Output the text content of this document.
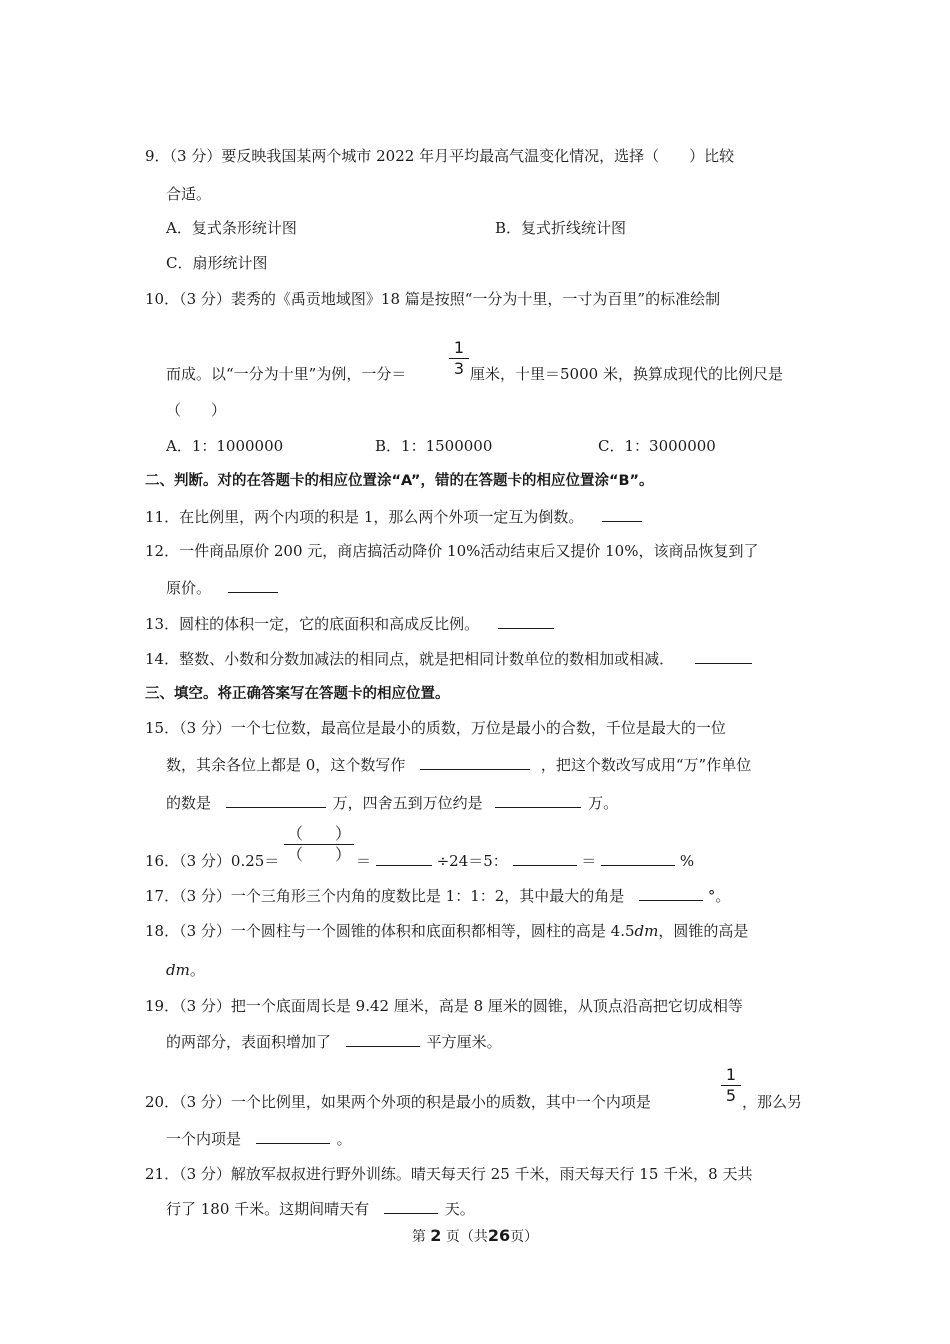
9．（3 分）要反映我国某两个城市 2022 年月平均最高气温变化情况，选择（　　）比较
合适。
A．复式条形统计图	B．复式折线统计图
C．扇形统计图
10．（3 分）裴秀的《禹贡地域图》18 篇是按照“一分为十里，一寸为百里”的标准绘制
而成。以“一分为十里”为例，一分＝
1
3 厘米，十里＝5000 米，换算成现代的比例尺是
（　　）
A．1：1000000	B．1：1500000	C．1：3000000
二、判断。对的在答题卡的相应位置涂“A”，错的在答题卡的相应位置涂“B”。
11．在比例里，两个内项的积是 1，那么两个外项一定互为倒数。
12．一件商品原价 200 元，商店搞活动降价 10%活动结束后又提价 10%，该商品恢复到了
原价。
13．圆柱的体积一定，它的底面积和高成反比例。
14．整数、小数和分数加减法的相同点，就是把相同计数单位的数相加或相减．
三、填空。将正确答案写在答题卡的相应位置。
15．（3 分）一个七位数，最高位是最小的质数，万位是最小的合数，千位是最大的一位
数，其余各位上都是 0，这个数写作	，把这个数改写成用“万”作单位
的数是	万，四舍五到万位约是	万。
16．（3 分）0.25＝
（　　）
（　　） ＝	÷24＝5：	＝	%
17．（3 分）一个三角形三个内角的度数比是 1：1：2，其中最大的角是	°。
18．（3 分）一个圆柱与一个圆锥的体积和底面积都相等，圆柱的高是 4.5dm，圆锥的高是
dm。
19．（3 分）把一个底面周长是 9.42 厘米，高是 8 厘米的圆锥，从顶点沿高把它切成相等
的两部分，表面积增加了	平方厘米。
20．（3 分）一个比例里，如果两个外项的积是最小的质数，其中一个内项是
1
5 ，那么另
一个内项是	。
21．（3 分）解放军叔叔进行野外训练。晴天每天行 25 千米，雨天每天行 15 千米，8 天共
行了 180 千米。这期间晴天有	天。
第 2 页（共26页）
